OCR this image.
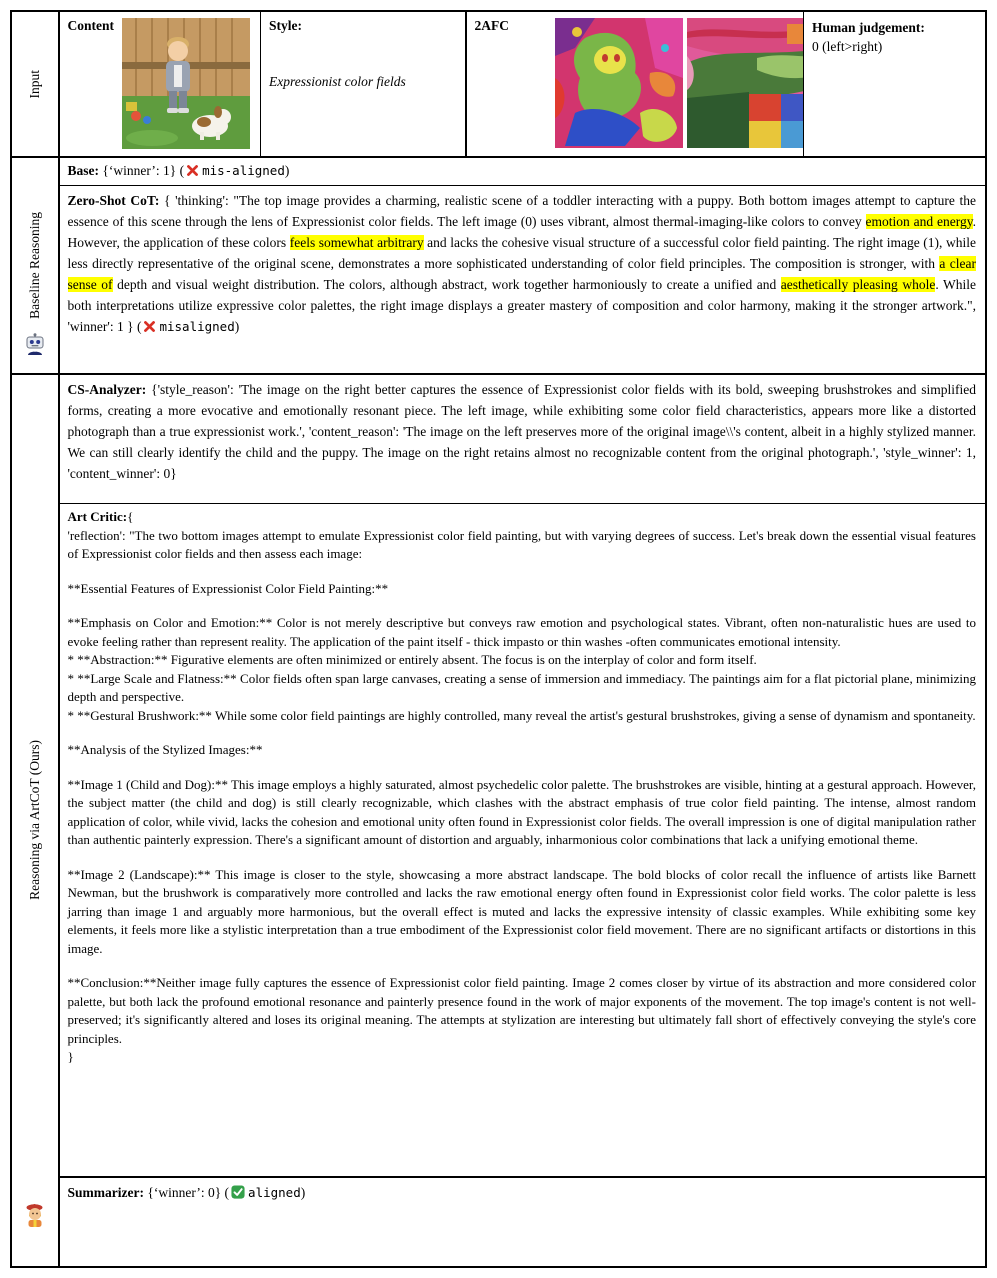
Input
Content	Style:
Expressionist color fields
2AFC	Human judgement:
0 (left>right)
Baseline Reasoning
Base: {‘winner’: 1} ( mis-aligned)
Zero-Shot CoT: { 'thinking': "The top image provides a charming, realistic scene of a toddler interacting with a puppy. Both bottom images attempt to capture the essence of this scene through the lens of Expressionist color fields. The left image (0) uses vibrant, almost thermal-imaging-like colors to convey emotion and energy. However, the application of these colors feels somewhat arbitrary and lacks the cohesive visual structure of a successful color field painting. The right image (1), while less directly representative of the original scene, demonstrates a more sophisticated understanding of color field principles. The composition is stronger, with a clear sense of depth and visual weight distribution. The colors, although abstract, work together harmoniously to create a unified and aesthetically pleasing whole. While both interpretations utilize expressive color palettes, the right image displays a greater mastery of composition and color harmony, making it the stronger artwork.", 'winner': 1 } ( misaligned)
Reasoning via ArtCoT (Ours)
CS-Analyzer: {'style_reason': 'The image on the right better captures the essence of Expressionist color fields with its bold, sweeping brushstrokes and simplified forms, creating a more evocative and emotionally resonant piece. The left image, while exhibiting some color field characteristics, appears more like a distorted photograph than a true expressionist work.', 'content_reason': 'The image on the left preserves more of the original image\\'s content, albeit in a highly stylized manner. We can still clearly identify the child and the puppy. The image on the right retains almost no recognizable content from the original photograph.', 'style_winner': 1, 'content_winner': 0}
Art Critic:{
'reflection': "The two bottom images attempt to emulate Expressionist color field painting, but with varying degrees of success. Let's break down the essential visual features of Expressionist color fields and then assess each image:
**Essential Features of Expressionist Color Field Painting:**
**Emphasis on Color and Emotion:** Color is not merely descriptive but conveys raw emotion and psychological states. Vibrant, often non-naturalistic hues are used to evoke feeling rather than represent reality. The application of the paint itself - thick impasto or thin washes -often communicates emotional intensity.
* **Abstraction:** Figurative elements are often minimized or entirely absent. The focus is on the interplay of color and form itself.
* **Large Scale and Flatness:** Color fields often span large canvases, creating a sense of immersion and immediacy. The paintings aim for a flat pictorial plane, minimizing depth and perspective.
* **Gestural Brushwork:** While some color field paintings are highly controlled, many reveal the artist's gestural brushstrokes, giving a sense of dynamism and spontaneity.
**Analysis of the Stylized Images:**
**Image 1 (Child and Dog):** This image employs a highly saturated, almost psychedelic color palette. The brushstrokes are visible, hinting at a gestural approach. However, the subject matter (the child and dog) is still clearly recognizable, which clashes with the abstract emphasis of true color field painting. The intense, almost random application of color, while vivid, lacks the cohesion and emotional unity often found in Expressionist color fields. The overall impression is one of digital manipulation rather than authentic painterly expression. There's a significant amount of distortion and arguably, inharmonious color combinations that lack a unifying emotional theme.
**Image 2 (Landscape):** This image is closer to the style, showcasing a more abstract landscape. The bold blocks of color recall the influence of artists like Barnett Newman, but the brushwork is comparatively more controlled and lacks the raw emotional energy often found in Expressionist color field works. The color palette is less jarring than image 1 and arguably more harmonious, but the overall effect is muted and lacks the expressive intensity of classic examples. While exhibiting some key elements, it feels more like a stylistic interpretation than a true embodiment of the Expressionist color field movement. There are no significant artifacts or distortions in this image.
**Conclusion:**Neither image fully captures the essence of Expressionist color field painting. Image 2 comes closer by virtue of its abstraction and more considered color palette, but both lack the profound emotional resonance and painterly presence found in the work of major exponents of the movement. The top image's content is not well-preserved; it's significantly altered and loses its original meaning. The attempts at stylization are interesting but ultimately fall short of effectively conveying the style's core principles.
}
Summarizer: {‘winner’: 0} ( aligned)
